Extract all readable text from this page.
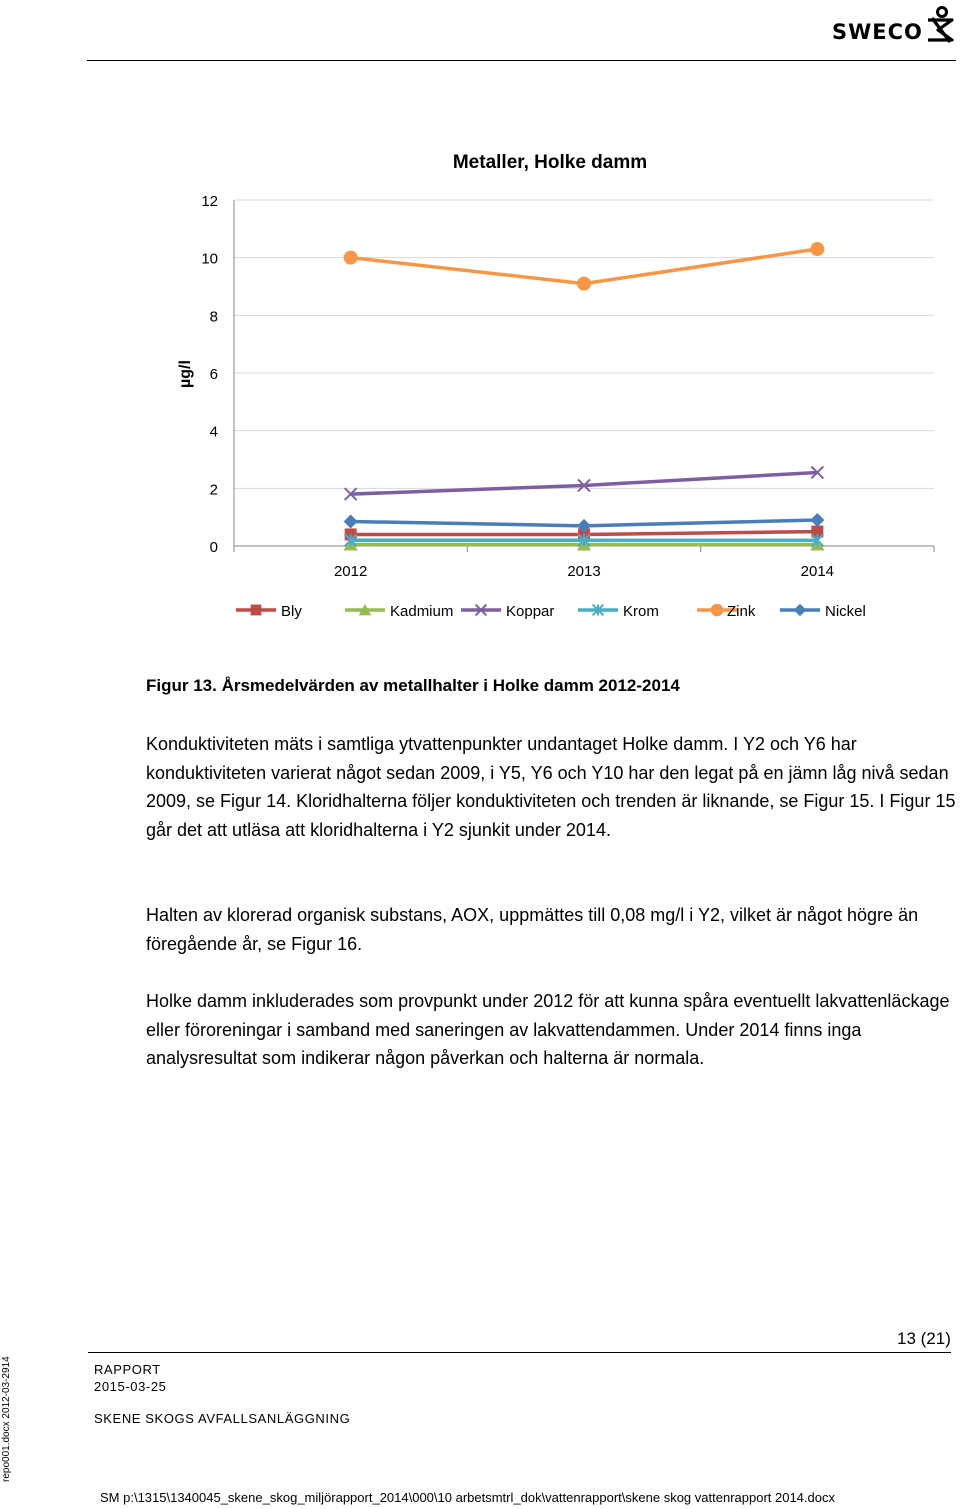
SWECO
Metaller, Holke damm
µg/l
0
2
4
6
8
10
12
2012	2013	2014
Bly	Kadmium	Koppar	Krom	Zink	Nickel
Figur 13. Årsmedelvärden av metallhalter i Holke damm 2012-2014

Konduktiviteten mäts i samtliga ytvattenpunkter undantaget Holke damm. I Y2 och Y6 har konduktiviteten varierat något sedan 2009, i Y5, Y6 och Y10 har den legat på en jämn låg nivå sedan 2009, se Figur 14. Kloridhalterna följer konduktiviteten och trenden är liknande, se Figur 15. I Figur 15 går det att utläsa att kloridhalterna i Y2 sjunkit under 2014.

Halten av klorerad organisk substans, AOX, uppmättes till 0,08 mg/l i Y2, vilket är något högre än föregående år, se Figur 16.

Holke damm inkluderades som provpunkt under 2012 för att kunna spåra eventuellt lakvattenläckage eller föroreningar i samband med saneringen av lakvattendammen. Under 2014 finns inga analysresultat som indikerar någon påverkan och halterna är normala.

13 (21)
RAPPORT
2015-03-25
SKENE SKOGS AVFALLSANLÄGGNING
repo001.docx 2012-03-2914
SM p:\1315\1340045_skene_skog_miljörapport_2014\000\10 arbetsmtrl_dok\vattenrapport\skene skog vattenrapport 2014.docx
